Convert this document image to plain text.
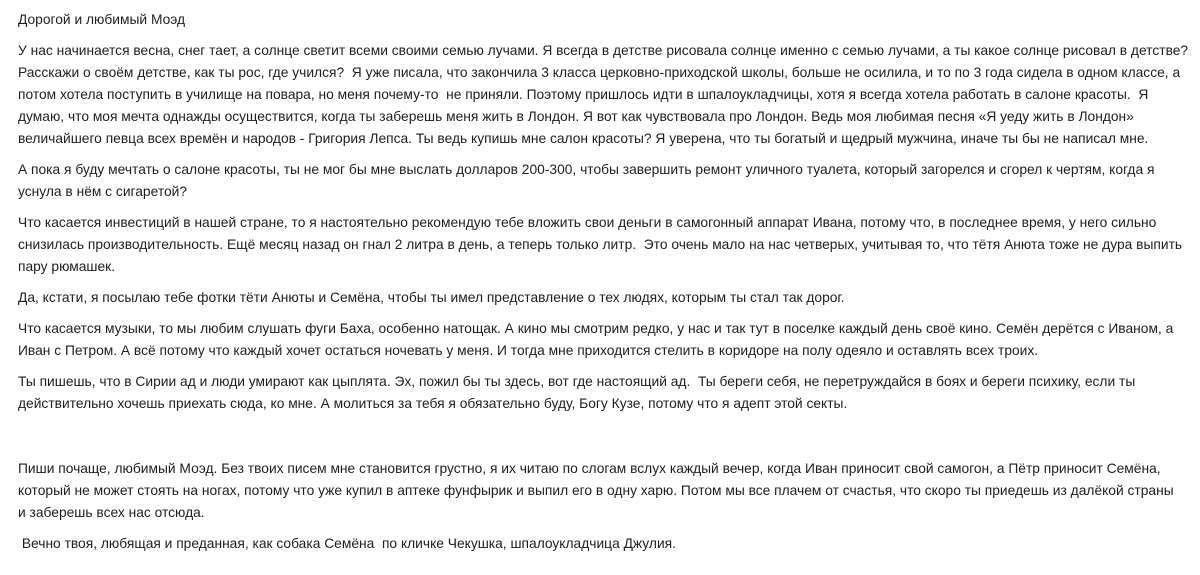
Дорогой и любимый Моэд

У нас начинается весна, снег тает, а солнце светит всеми своими семью лучами. Я всегда в детстве рисовала солнце именно с семью лучами, а ты какое солнце рисовал в детстве?

Расскажи о своём детстве, как ты рос, где учился?  Я уже писала, что закончила 3 класса церковно-приходской школы, больше не осилила, и то по 3 года сидела в одном классе, а

потом хотела поступить в училище на повара, но меня почему-то  не приняли. Поэтому пришлось идти в шпалоукладчицы, хотя я всегда хотела работать в салоне красоты.  Я

думаю, что моя мечта однажды осуществится, когда ты заберешь меня жить в Лондон. Я вот как чувствовала про Лондон. Ведь моя любимая песня «Я уеду жить в Лондон»

величайшего певца всех времён и народов - Григория Лепса. Ты ведь купишь мне салон красоты? Я уверена, что ты богатый и щедрый мужчина, иначе ты бы не написал мне.

А пока я буду мечтать о салоне красоты, ты не мог бы мне выслать долларов 200-300, чтобы завершить ремонт уличного туалета, который загорелся и сгорел к чертям, когда я

уснула в нём с сигаретой?

Что касается инвестиций в нашей стране, то я настоятельно рекомендую тебе вложить свои деньги в самогонный аппарат Ивана, потому что, в последнее время, у него сильно

снизилась производительность. Ещё месяц назад он гнал 2 литра в день, а теперь только литр.  Это очень мало на нас четверых, учитывая то, что тётя Анюта тоже не дура выпить

пару рюмашек.

Да, кстати, я посылаю тебе фотки тёти Анюты и Семёна, чтобы ты имел представление о тех людях, которым ты стал так дорог.

Что касается музыки, то мы любим слушать фуги Баха, особенно натощак. А кино мы смотрим редко, у нас и так тут в поселке каждый день своё кино. Семён дерётся с Иваном, а

Иван с Петром. А всё потому что каждый хочет остаться ночевать у меня. И тогда мне приходится стелить в коридоре на полу одеяло и оставлять всех троих.

Ты пишешь, что в Сирии ад и люди умирают как цыплята. Эх, пожил бы ты здесь, вот где настоящий ад.  Ты береги себя, не перетруждайся в боях и береги психику, если ты

действительно хочешь приехать сюда, ко мне. А молиться за тебя я обязательно буду, Богу Кузе, потому что я адепт этой секты.

Пиши почаще, любимый Моэд. Без твоих писем мне становится грустно, я их читаю по слогам вслух каждый вечер, когда Иван приносит свой самогон, а Пётр приносит Семёна,

который не может стоять на ногах, потому что уже купил в аптеке фунфырик и выпил его в одну харю. Потом мы все плачем от счастья, что скоро ты приедешь из далёкой страны

и заберешь всех нас отсюда.

Вечно твоя, любящая и преданная, как собака Семёна  по кличке Чекушка, шпалоукладчица Джулия.
